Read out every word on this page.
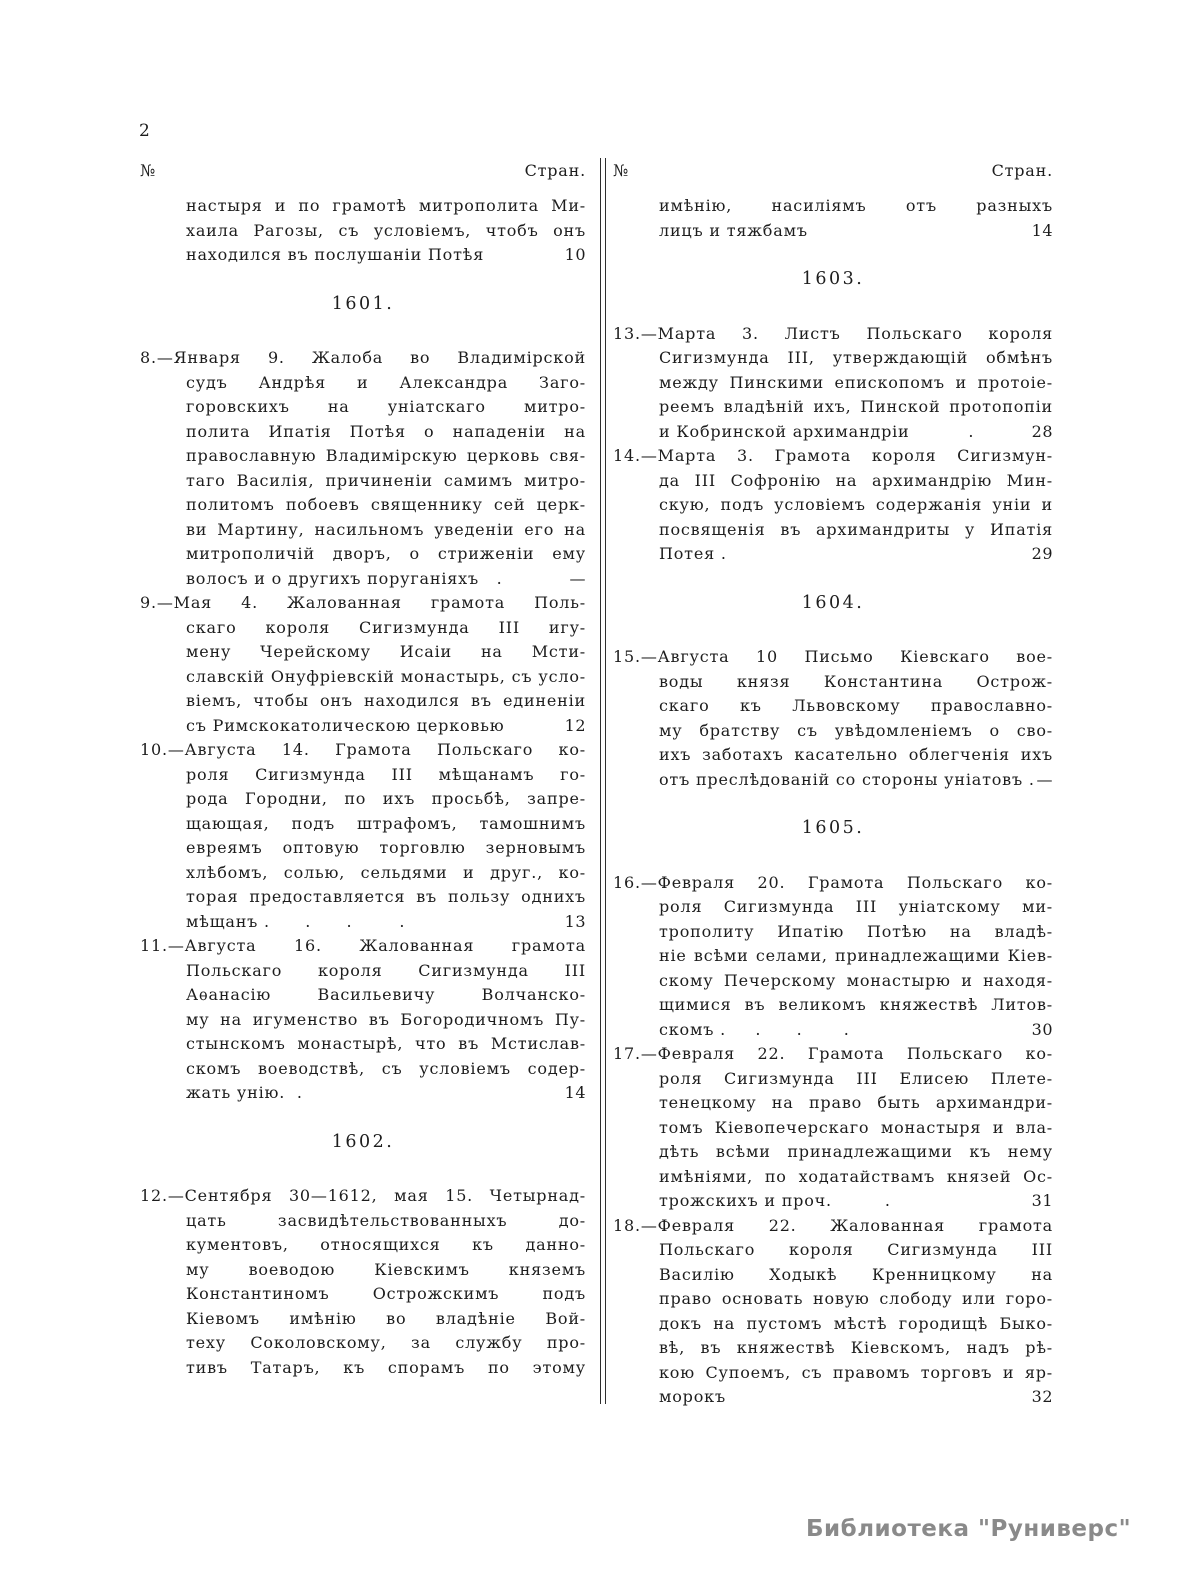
2
№	Стран.
настыря и по грамотѣ митрополита Ми-
хаила Рагозы, съ условіемъ, чтобъ онъ
находился въ послушаніи Потѣя	10
1601.
8.—Января 9. Жалоба во Владимірской
судъ Андрѣя и Александра Заго-
горовскихъ на уніатскаго митро-
полита Ипатія Потѣя о нападеніи на
православную Владимірскую церковь свя-
таго Василія, причиненіи самимъ митро-
политомъ побоевъ священнику сей церк-
ви Мартину, насильномъ уведеніи его на
митрополичій дворъ, о стриженіи ему
волосъ и о другихъ поруганіяхъ   .	—
9.—Мая 4. Жалованная грамота Поль-
скаго короля Сигизмунда III игу-
мену Черейскому Исаіи на Мсти-
славскій Онуфріевскій монастырь, съ усло-
віемъ, чтобы онъ находился въ единеніи
съ Римскокатолическою церковью	12
10.—Августа 14. Грамота Польскаго ко-
роля Сигизмунда III мѣщанамъ го-
рода Городни, по ихъ просьбѣ, запре-
щающая, подъ штрафомъ, тамошнимъ
евреямъ оптовую торговлю зерновымъ
хлѣбомъ, солью, сельдями и друг., ко-
торая предоставляется въ пользу однихъ
мѣщанъ .      .      .        .	13
11.—Августа 16. Жалованная грамота
Польскаго короля Сигизмунда III
Аѳанасію Васильевичу Волчанско-
му на игуменство въ Богородичномъ Пу-
стынскомъ монастырѣ, что въ Мстислав-
скомъ воеводствѣ, съ условіемъ содер-
жать унію.  .	14
1602.
12.—Сентября 30—1612, мая 15. Четырнад-
цать засвидѣтельствованныхъ до-
кументовъ, относящихся къ данно-
му воеводою Кіевскимъ княземъ
Константиномъ Острожскимъ подъ
Кіевомъ имѣнію во владѣніе Вой-
теху Соколовскому, за службу про-
тивъ Татаръ, къ спорамъ по этому
№	Стран.
имѣнію, насиліямъ отъ разныхъ
лицъ и тяжбамъ	14
1603.
13.—Марта 3. Листъ Польскаго короля
Сигизмунда III, утверждающій обмѣнъ
между Пинскими епископомъ и протоіе-
реемъ владѣній ихъ, Пинской протопопіи
и Кобринской архимандріи          .	28
14.—Марта 3. Грамота короля Сигизмун-
да III Софронію на архимандрію Мин-
скую, подъ условіемъ содержанія уніи и
посвященія въ архимандриты у Ипатія
Потея .	29
1604.
15.—Августа 10 Письмо Кіевскаго вое-
воды князя Константина Острож-
скаго къ Львовскому православно-
му братству съ увѣдомленіемъ о сво-
ихъ заботахъ касательно облегченія ихъ
отъ преслѣдованій со стороны уніатовъ . —
1605.
16.—Февраля 20. Грамота Польскаго ко-
роля Сигизмунда III уніатскому ми-
трополиту Ипатію Потѣю на владѣ-
ніе всѣми селами, принадлежащими Кіев-
скому Печерскому монастырю и находя-
щимися въ великомъ княжествѣ Литов-
скомъ .     .      .       .	30
17.—Февраля 22. Грамота Польскаго ко-
роля Сигизмунда III Елисею Плете-
тенецкому на право быть архимандри-
томъ Кіевопечерскаго монастыря и вла-
дѣть всѣми принадлежащими къ нему
имѣніями, по ходатайствамъ князей Ос-
трожскихъ и проч.         .	31
18.—Февраля 22. Жалованная грамота
Польскаго короля Сигизмунда III
Василію Ходыкѣ Кренницкому на
право основать новую слободу или горо-
докъ на пустомъ мѣстѣ городищѣ Быко-
вѣ, въ княжествѣ Кіевскомъ, надъ рѣ-
кою Супоемъ, съ правомъ торговъ и яр-
морокъ	32
Библиотека "Руниверс"
